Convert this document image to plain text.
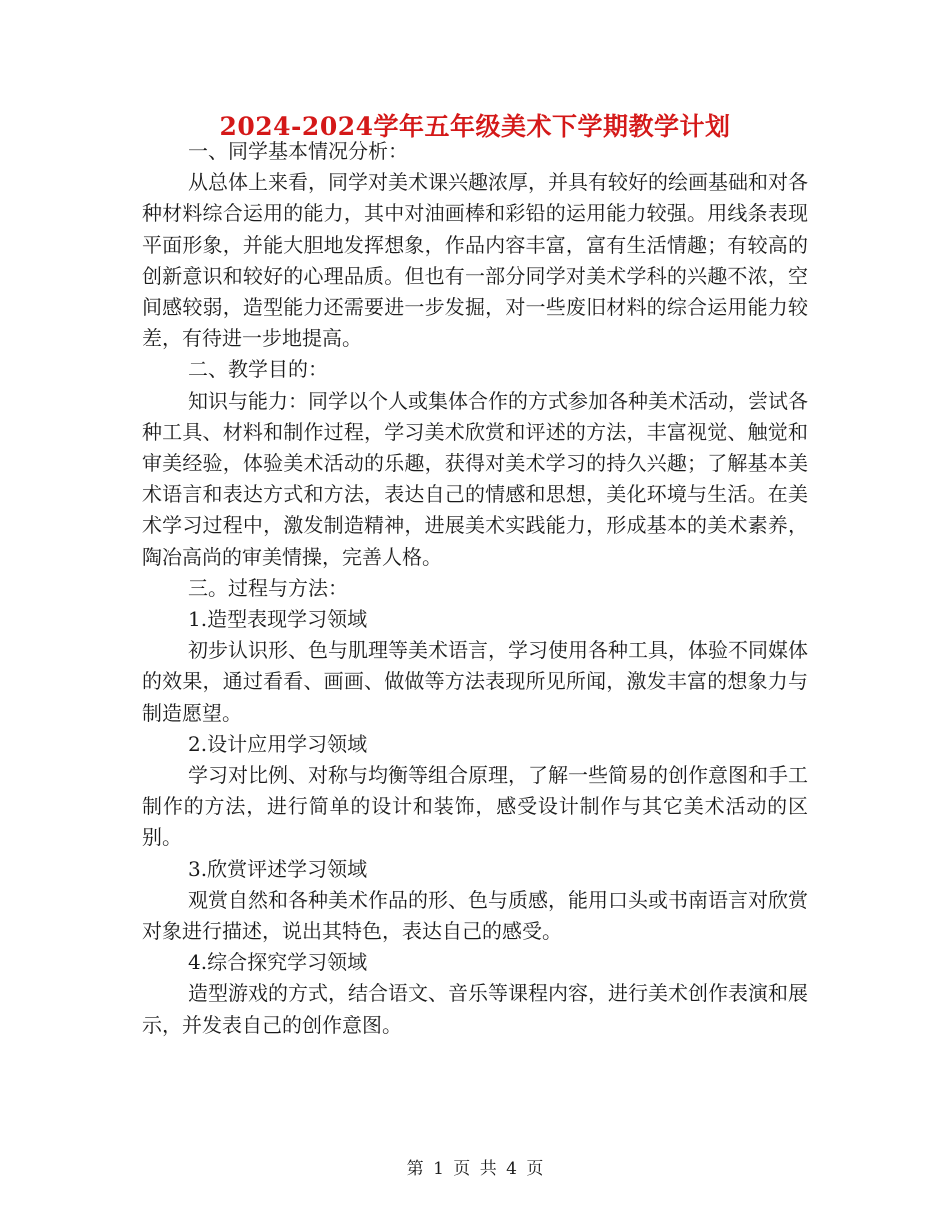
2024-2024学年五年级美术下学期教学计划
一、同学基本情况分析：
从总体上来看，同学对美术课兴趣浓厚，并具有较好的绘画基础和对各种材料综合运用的能力，其中对油画棒和彩铅的运用能力较强。用线条表现平面形象，并能大胆地发挥想象，作品内容丰富，富有生活情趣；有较高的创新意识和较好的心理品质。但也有一部分同学对美术学科的兴趣不浓，空间感较弱，造型能力还需要进一步发掘，对一些废旧材料的综合运用能力较差，有待进一步地提高。
二、教学目的：
知识与能力：同学以个人或集体合作的方式参加各种美术活动，尝试各种工具、材料和制作过程，学习美术欣赏和评述的方法，丰富视觉、触觉和审美经验，体验美术活动的乐趣，获得对美术学习的持久兴趣；了解基本美术语言和表达方式和方法，表达自己的情感和思想，美化环境与生活。在美术学习过程中，激发制造精神，进展美术实践能力，形成基本的美术素养，陶冶高尚的审美情操，完善人格。
三。过程与方法：
1.造型表现学习领域
初步认识形、色与肌理等美术语言，学习使用各种工具，体验不同媒体的效果，通过看看、画画、做做等方法表现所见所闻，激发丰富的想象力与制造愿望。
2.设计应用学习领域
学习对比例、对称与均衡等组合原理，了解一些简易的创作意图和手工制作的方法，进行简单的设计和装饰，感受设计制作与其它美术活动的区别。
3.欣赏评述学习领域
观赏自然和各种美术作品的形、色与质感，能用口头或书南语言对欣赏对象进行描述，说出其特色，表达自己的感受。
4.综合探究学习领域
造型游戏的方式，结合语文、音乐等课程内容，进行美术创作表演和展示，并发表自己的创作意图。
第 1 页 共 4 页
